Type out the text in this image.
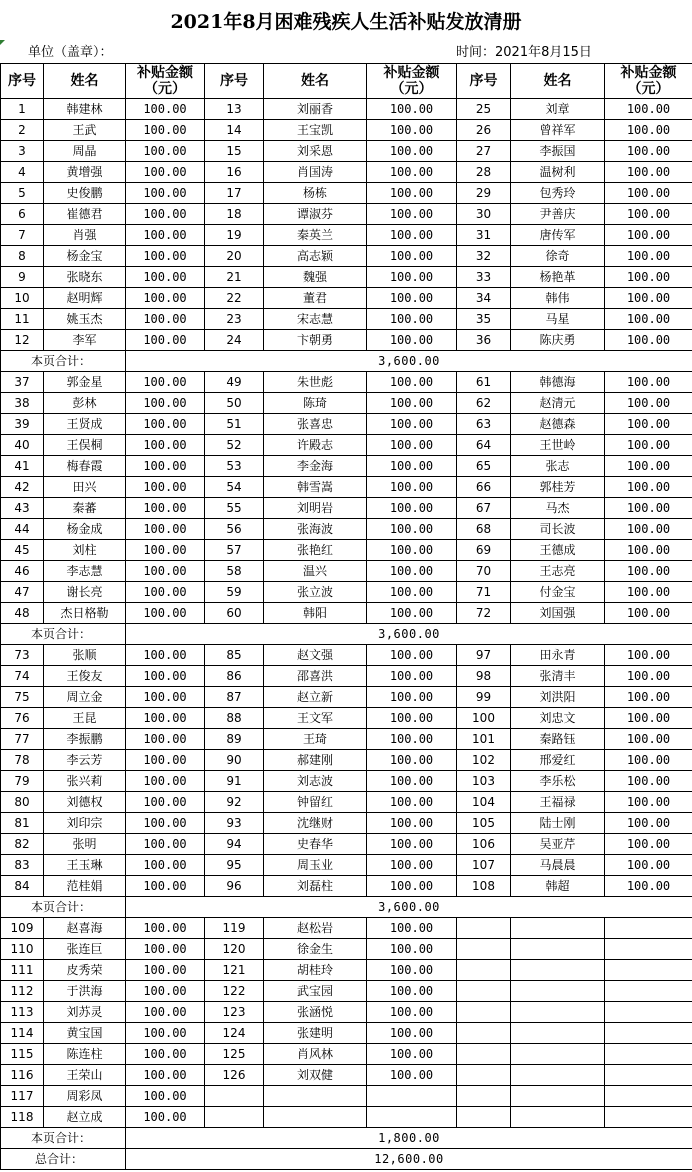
2021年8月困难残疾人生活补贴发放清册
单位（盖章）：	时间：2021年8月15日
序号	姓名	补贴金额（元）	序号	姓名	补贴金额（元）	序号	姓名	补贴金额（元）
1	韩建林	100.00	13	刘丽香	100.00	25	刘章	100.00
2	王武	100.00	14	王宝凯	100.00	26	曾祥军	100.00
3	周晶	100.00	15	刘采恩	100.00	27	李振国	100.00
4	黄增强	100.00	16	肖国涛	100.00	28	温树利	100.00
5	史俊鹏	100.00	17	杨栋	100.00	29	包秀玲	100.00
6	崔德君	100.00	18	谭淑芬	100.00	30	尹善庆	100.00
7	肖强	100.00	19	秦英兰	100.00	31	唐传军	100.00
8	杨金宝	100.00	20	高志颖	100.00	32	徐奇	100.00
9	张晓东	100.00	21	魏强	100.00	33	杨艳革	100.00
10	赵明辉	100.00	22	董君	100.00	34	韩伟	100.00
11	姚玉杰	100.00	23	宋志慧	100.00	35	马星	100.00
12	李军	100.00	24	卞朝勇	100.00	36	陈庆勇	100.00
本页合计：		3,600.00						
37	郭金星	100.00	49	朱世彪	100.00	61	韩德海	100.00
38	彭林	100.00	50	陈琦	100.00	62	赵清元	100.00
39	王贤成	100.00	51	张喜忠	100.00	63	赵德森	100.00
40	王俣桐	100.00	52	许殿志	100.00	64	王世岭	100.00
41	梅春霞	100.00	53	李金海	100.00	65	张志	100.00
42	田兴	100.00	54	韩雪嵩	100.00	66	郭桂芳	100.00
43	秦蕃	100.00	55	刘明岩	100.00	67	马杰	100.00
44	杨金成	100.00	56	张海波	100.00	68	司长波	100.00
45	刘柱	100.00	57	张艳红	100.00	69	王德成	100.00
46	李志慧	100.00	58	温兴	100.00	70	王志亮	100.00
47	谢长亮	100.00	59	张立波	100.00	71	付金宝	100.00
48	杰日格勒	100.00	60	韩阳	100.00	72	刘国强	100.00
本页合计：		3,600.00						
73	张顺	100.00	85	赵文强	100.00	97	田永青	100.00
74	王俊友	100.00	86	邵喜洪	100.00	98	张清丰	100.00
75	周立金	100.00	87	赵立新	100.00	99	刘洪阳	100.00
76	王昆	100.00	88	王文军	100.00	100	刘忠文	100.00
77	李振鹏	100.00	89	王琦	100.00	101	秦路钰	100.00
78	李云芳	100.00	90	郝建刚	100.00	102	邢爱红	100.00
79	张兴莉	100.00	91	刘志波	100.00	103	李乐松	100.00
80	刘德权	100.00	92	钟留红	100.00	104	王福禄	100.00
81	刘印宗	100.00	93	沈继财	100.00	105	陆士刚	100.00
82	张明	100.00	94	史春华	100.00	106	吴亚芹	100.00
83	王玉琳	100.00	95	周玉业	100.00	107	马晨晨	100.00
84	范桂娟	100.00	96	刘磊柱	100.00	108	韩超	100.00
本页合计：		3,600.00						
109	赵喜海	100.00	119	赵松岩	100.00			
110	张连巨	100.00	120	徐金生	100.00			
111	皮秀荣	100.00	121	胡桂玲	100.00			
112	于洪海	100.00	122	武宝园	100.00			
113	刘苏灵	100.00	123	张涵悦	100.00			
114	黄宝国	100.00	124	张建明	100.00			
115	陈连柱	100.00	125	肖风林	100.00			
116	王荣山	100.00	126	刘双健	100.00			
117	周彩凤	100.00						
118	赵立成	100.00						
本页合计：		1,800.00						
总合计：		12,600.00						
